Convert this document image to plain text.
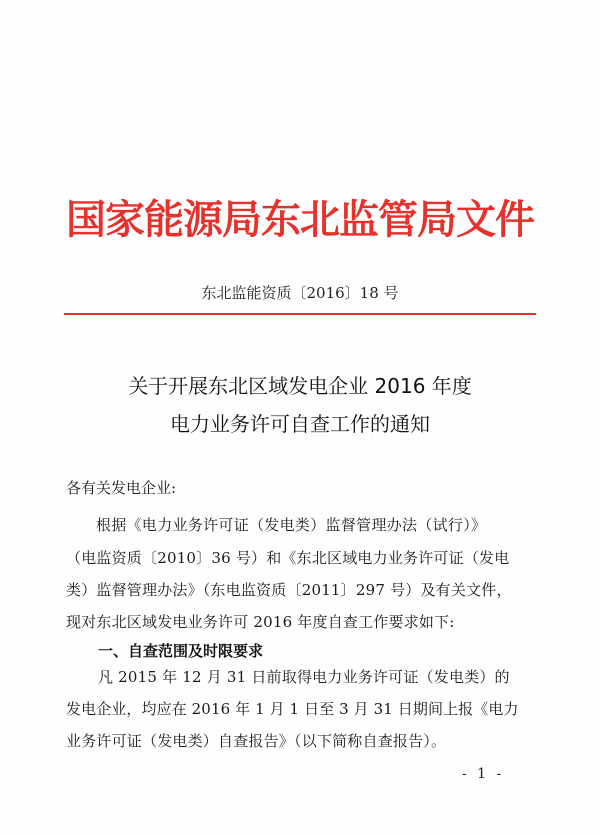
国家能源局东北监管局文件
东北监能资质〔2016〕18 号
关于开展东北区域发电企业 2016 年度
电力业务许可自查工作的通知
各有关发电企业:
根据《电力业务许可证（发电类）监督管理办法（试行）》
（电监资质〔2010〕36 号）和《东北区域电力业务许可证（发电
类）监督管理办法》（东电监资质〔2011〕297 号）及有关文件，
现对东北区域发电业务许可 2016 年度自查工作要求如下:
一、自查范围及时限要求
凡 2015 年 12 月 31 日前取得电力业务许可证（发电类）的
发电企业，均应在 2016 年 1 月 1 日至 3 月 31 日期间上报《电力
业务许可证（发电类）自查报告》（以下简称自查报告）。
- 1 -
